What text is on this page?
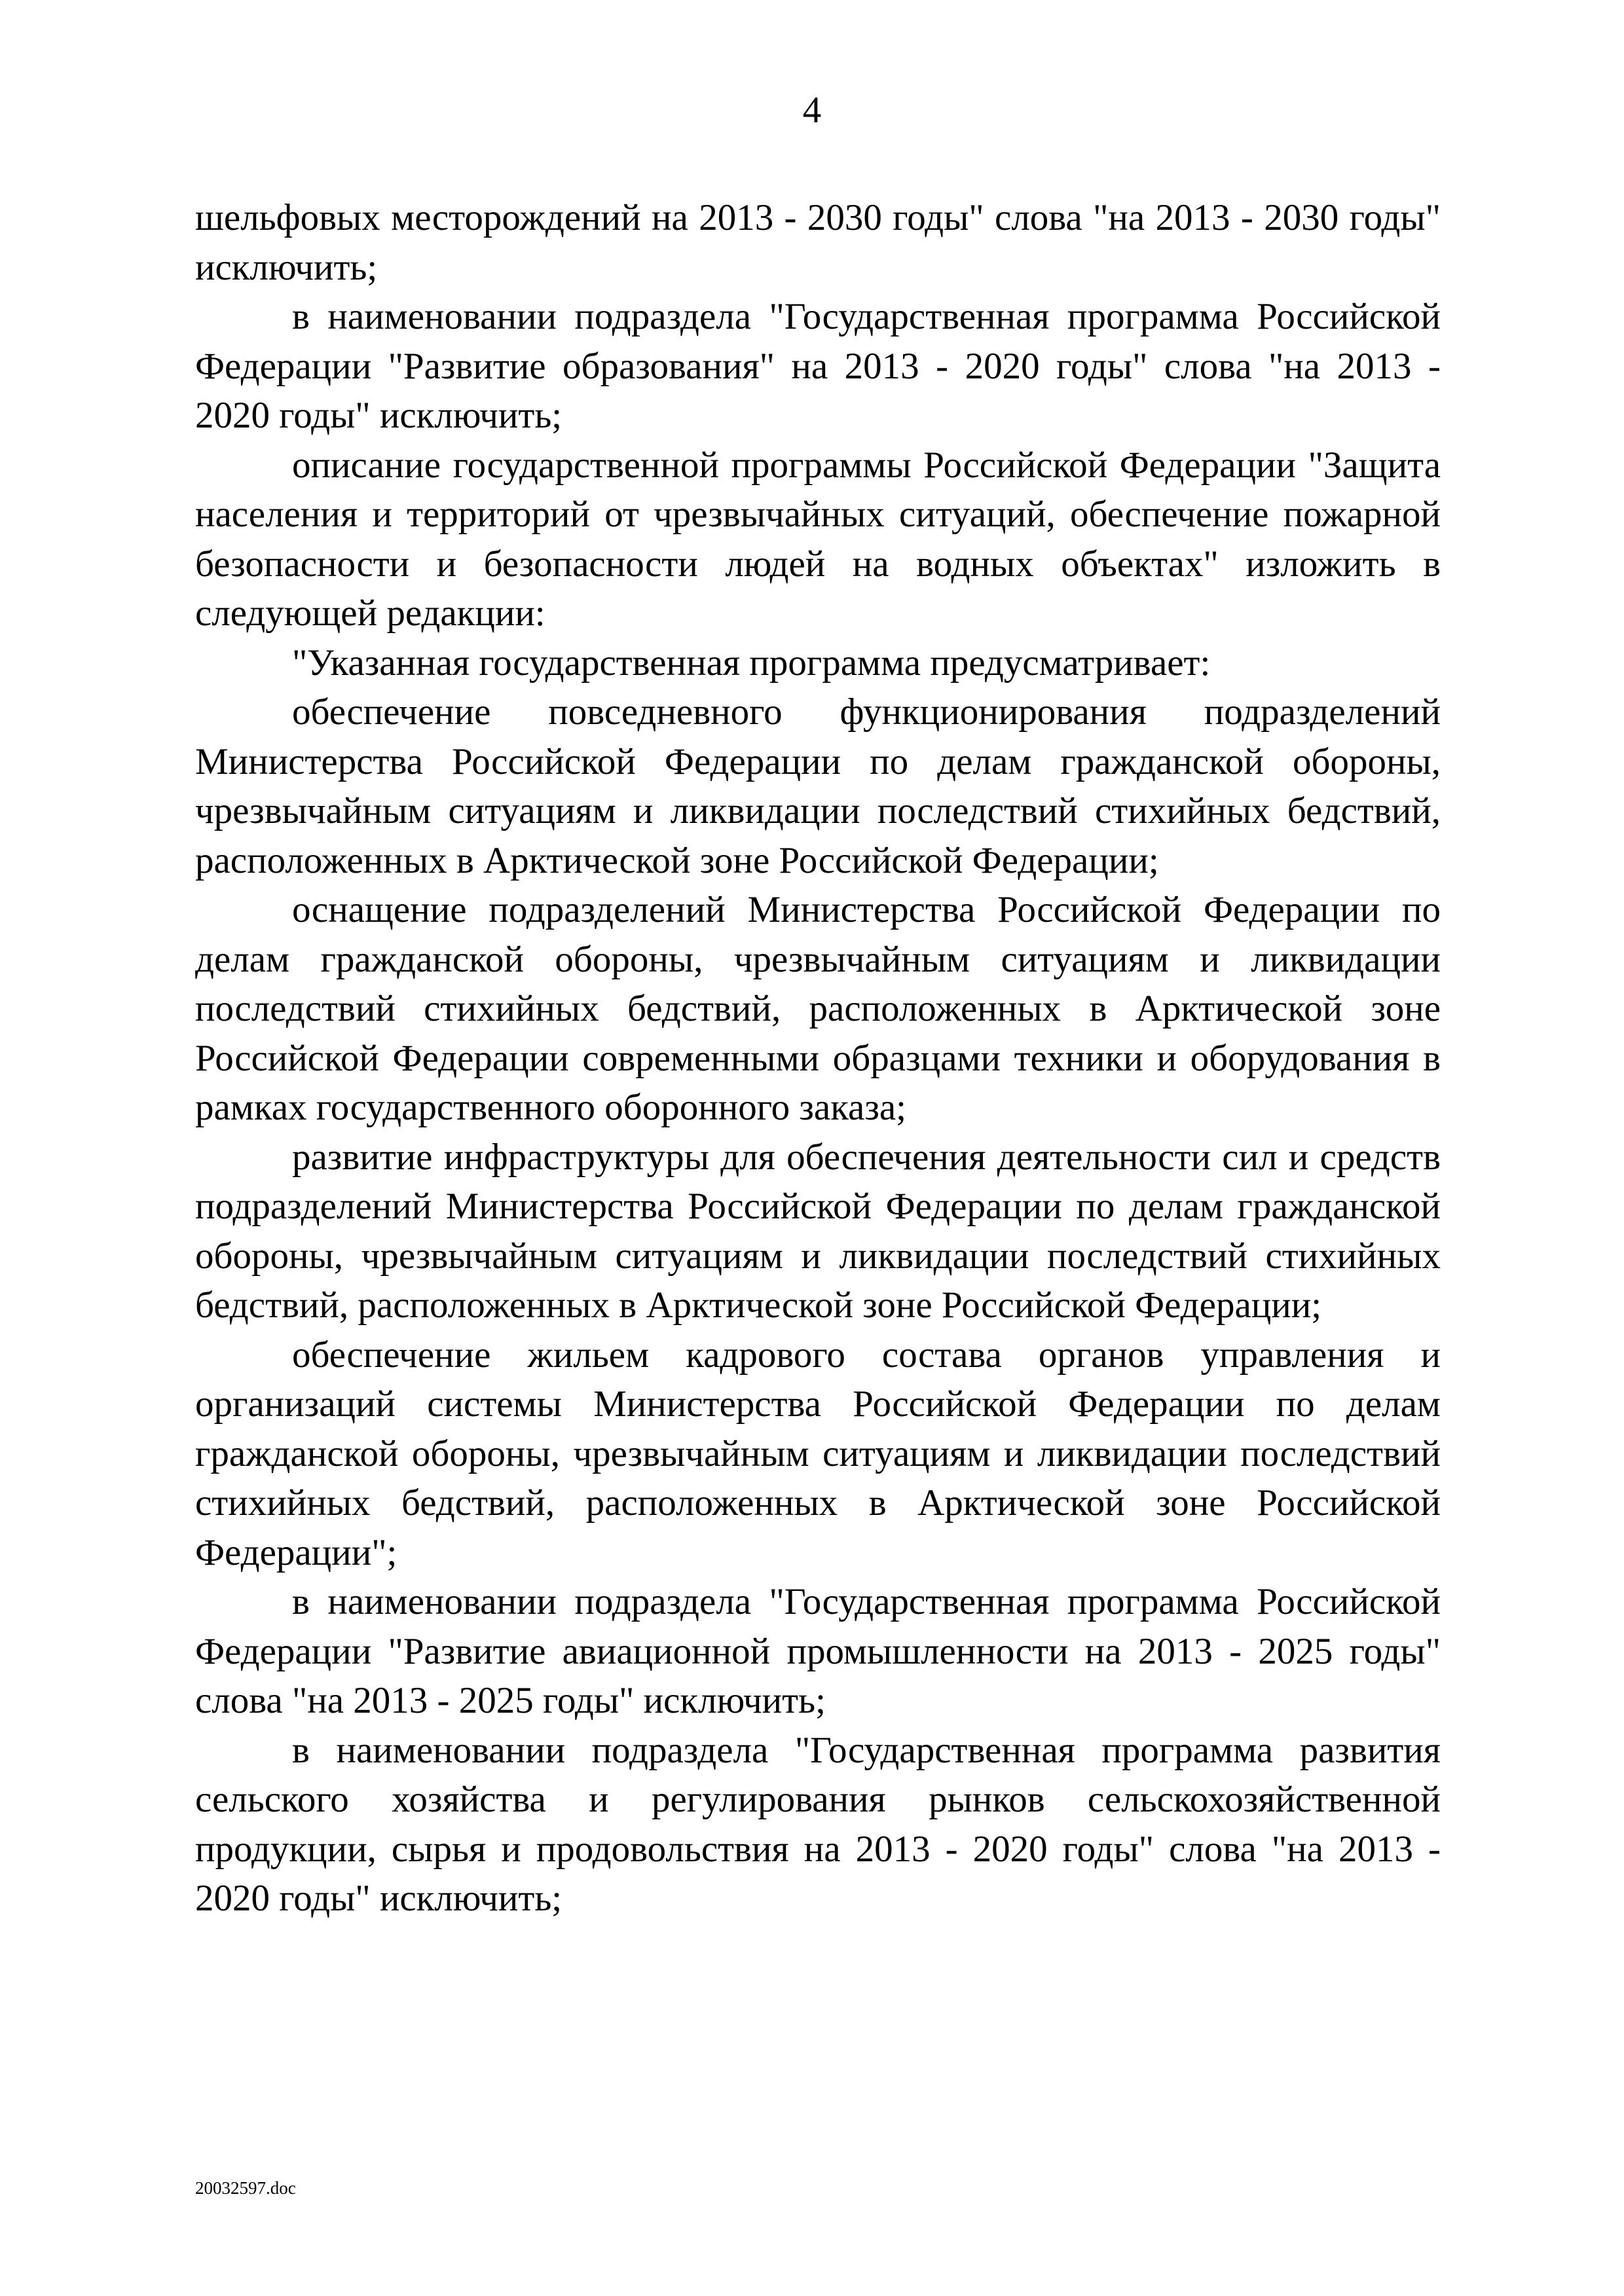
4

шельфовых месторождений на 2013 - 2030 годы" слова "на 2013 - 2030 годы" исключить;

в наименовании подраздела "Государственная программа Российской Федерации "Развитие образования" на 2013 - 2020 годы" слова "на 2013 - 2020 годы" исключить;

описание государственной программы Российской Федерации "Защита населения и территорий от чрезвычайных ситуаций, обеспечение пожарной безопасности и безопасности людей на водных объектах" изложить в следующей редакции:

"Указанная государственная программа предусматривает:

обеспечение повседневного функционирования подразделений Министерства Российской Федерации по делам гражданской обороны, чрезвычайным ситуациям и ликвидации последствий стихийных бедствий, расположенных в Арктической зоне Российской Федерации;

оснащение подразделений Министерства Российской Федерации по делам гражданской обороны, чрезвычайным ситуациям и ликвидации последствий стихийных бедствий, расположенных в Арктической зоне Российской Федерации современными образцами техники и оборудования в рамках государственного оборонного заказа;

развитие инфраструктуры для обеспечения деятельности сил и средств подразделений Министерства Российской Федерации по делам гражданской обороны, чрезвычайным ситуациям и ликвидации последствий стихийных бедствий, расположенных в Арктической зоне Российской Федерации;

обеспечение жильем кадрового состава органов управления и организаций системы Министерства Российской Федерации по делам гражданской обороны, чрезвычайным ситуациям и ликвидации последствий стихийных бедствий, расположенных в Арктической зоне Российской Федерации";

в наименовании подраздела "Государственная программа Российской Федерации "Развитие авиационной промышленности на 2013 - 2025 годы" слова "на 2013 - 2025 годы" исключить;

в наименовании подраздела "Государственная программа развития сельского хозяйства и регулирования рынков сельскохозяйственной продукции, сырья и продовольствия на 2013 - 2020 годы" слова "на 2013 - 2020 годы" исключить;

20032597.doc
